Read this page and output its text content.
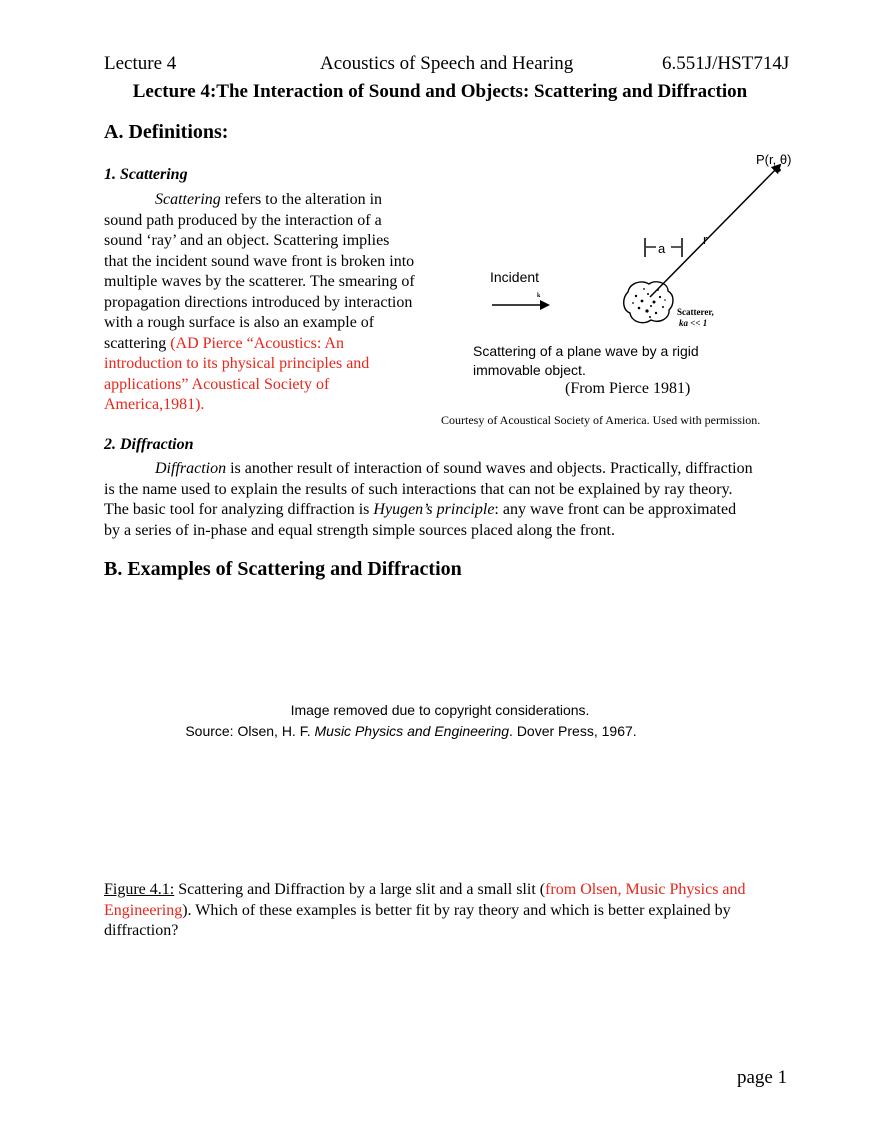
Lecture 4	Acoustics of Speech and Hearing	6.551J/HST714J
Lecture 4:The Interaction of Sound and Objects: Scattering and Diffraction
A. Definitions:
1. Scattering
Scattering refers to the alteration in
sound path produced by the interaction of a
sound ‘ray’ and an object. Scattering implies
that the incident sound wave front is broken into
multiple waves by the scatterer. The smearing of
propagation directions introduced by interaction
with a rough surface is also an example of
scattering (AD Pierce “Acoustics: An
introduction to its physical principles and
applications” Acoustical Society of
America,1981).
P(r, θ)
r
a
Incident
k
Scatterer,
ka << 1
Scattering of a plane wave by a rigid
immovable object.
(From Pierce 1981)
Courtesy of Acoustical Society of America. Used with permission.
2. Diffraction
Diffraction is another result of interaction of sound waves and objects. Practically, diffraction
is the name used to explain the results of such interactions that can not be explained by ray theory.
The basic tool for analyzing diffraction is Hyugen’s principle: any wave front can be approximated
by a series of in-phase and equal strength simple sources placed along the front.
B. Examples of Scattering and Diffraction
Image removed due to copyright considerations.
Source: Olsen, H. F. Music Physics and Engineering. Dover Press, 1967.
Figure 4.1: Scattering and Diffraction by a large slit and a small slit (from Olsen, Music Physics and
Engineering). Which of these examples is better fit by ray theory and which is better explained by
diffraction?
page 1
